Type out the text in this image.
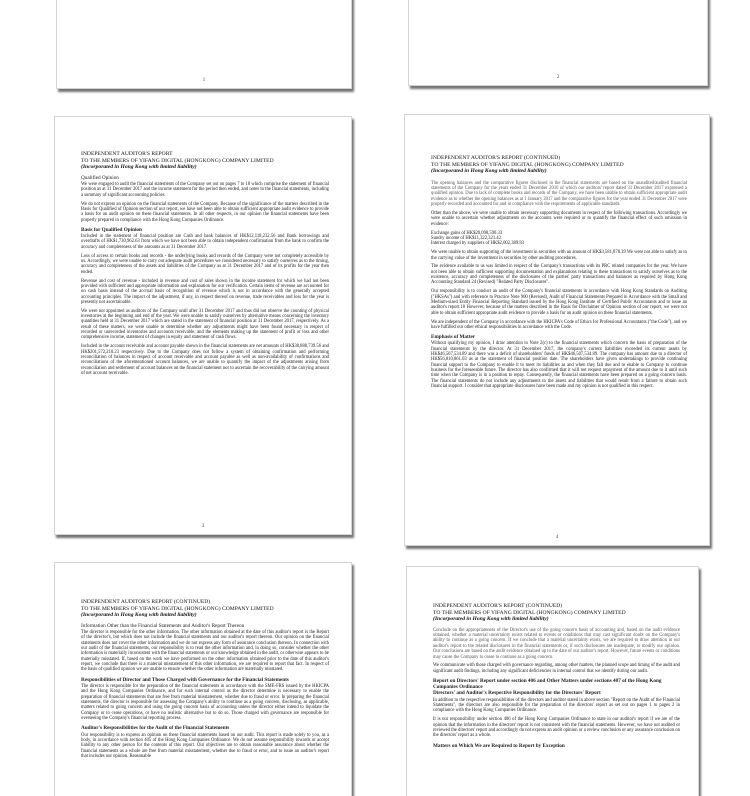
1
2
INDEPENDENT AUDITOR'S REPORT
TO THE MEMBERS OF YIFANG DIGITAL (HONGKONG) COMPANY LIMITED
(Incorporated in Hong Kong with limited liability)
Qualified Opinion
We were engaged to audit the financial statements of the Company set out on pages 7 to 18 which comprise the statement of financial position as at 31 December 2017 and the income statement for the period then ended, and notes to the financial statements, including a summary of significant accounting policies.
We do not express an opinion on the financial statements of the Company. Because of the significance of the matters described in the Basis for Qualified of Opinion section of our report, we have not been able to obtain sufficient appropriate audit evidence to provide a basis for an audit opinion on these financial statements. In all other respects, in our opinion the financial statements have been properly prepared in compliance with the Hong Kong Companies Ordinance.
Basis for Qualified Opinion
Included in the statement of financial position are Cash and bank balances of HK$12,118,232.56 and Bank borrowings and overdrafts of HK$1,730,962.63 from which we have not been able to obtain independent confirmation from the bank to confirm the accuracy and completeness of the amounts as at 31 December 2017.
Loss of access to certain books and records - the underlying books and records of the Company were not completely accessible by us. Accordingly, we were unable to carry out adequate audit procedures we considered necessary to satisfy ourselves as to the timing, accuracy and completeness of the assets and liabilities of the Company as at 31 December 2017 and of its profits for the year then ended.
Revenue and cost of revenue - included in revenue and cost of sales shown in the income statement for which we had not been provided with sufficient and appropriate information and explanation for our verification. Certain items of revenue are accounted for on cash basis instead of the accrual basis of recognition of revenue which is not in accordance with the generally accepted accounting principles. The impact of the adjustment, if any, in respect thereof on revenue, trade receivables and loss for the year is presently not ascertainable.
We were not appointed as auditors of the Company until after 31 December 2017 and thus did not observe the counting of physical inventories at the beginning and end of the year. We were unable to satisfy ourselves by alternative means concerning the inventory quantities held at 31 December 2017 which are stated in the statement of financial position at 31 December 2017, respectively. As a result of these matters, we were unable to determine whether any adjustments might have been found necessary in respect of recorded or unrecorded inventories and accounts receivable, and the elements making up the statement of profit or loss and other comprehensive income, statement of changes in equity and statement of cash flows.
Included in the account receivable and account payable shown in the financial statements are net amounts of HK$38,888,739.56 and HK$201,572,210.23 respectively. Due to the Company does not follow a system of obtaining confirmation and performing reconciliation of balances in respect of account receivable and account payable as well as non-availability of confirmations and reconciliations of the aforementioned account balances, we are unable to quantify the impact of the adjustments arising from reconciliation and settlement of account balances on the financial statement nor to ascertain the recoverability of the carrying amount of net account receivable.
3
INDEPENDENT AUDITOR'S REPORT (CONTINUED)
TO THE MEMBERS OF YIFANG DIGITAL (HONGKONG) COMPANY LIMITED
(Incorporated in Hong Kong with limited liability)
The opening balances and the comparative figures disclosed in the financial statements are based on the unaudited/audited financial statements of the Company for the years ended 31 December 2016 of which our auditors' report dated 31 December 2017 expressed a qualified opinion. Due to lack of complete books and records of the Company, we have been unable to obtain sufficient appropriate audit evidence as to whether the opening balances as at 1 January 2017 and the comparative figures for the year ended 31 December 2017 were properly recorded and accounted for and in compliance with the requirements of applicable standards.
Other than the above, we were unable to obtain necessary supporting documents in respect of the following transactions. Accordingly we were unable to ascertain whether adjustments on the accounts were required or to quantify the financial effect of such omission in evidence:
Exchange gains of HK$20,090,590.33
Sundry income of HK$11,322,321.42
Interest charged by suppliers of HK$2,002,389.83
We were unable to obtain supporting of the investment in securities with an amount of HK$3,581,878.39 We were not able to satisfy as to the carrying value of the investment in securities by other auditing procedures.
The evidence available to us was limited in respect of the Company's transactions with its PRC related companies for the year. We have not been able to obtain sufficient supporting documentation and explanations relating to these transactions to satisfy ourselves as to the existence, accuracy and completeness of the disclosures of the parties' party transactions and balances as required by Hong Kong Accounting Standard 24 (Revised) "Related Party Disclosures".
Our responsibility is to conduct an audit of the Company's financial statements in accordance with Hong Kong Standards on Auditing ("HKSAs") and with reference to Practice Note 900 (Revised), Audit of Financial Statements Prepared in Accordance with the Small and Medium-sized Entity Financial Reporting Standard issued by the Hong Kong Institute of Certified Public Accountants and to issue an auditor's report.18 However, because of the matters described in the Basis for Disclaimer of Opinion section of our report, we were not able to obtain sufficient appropriate audit evidence to provide a basis for an audit opinion on these financial statements.
We are independent of the Company in accordance with the HKICPA's Code of Ethics for Professional Accountants ("the Code"), and we have fulfilled our other ethical responsibilities in accordance with the Code.
Emphasis of Matter
Without qualifying my opinion, I draw attention to Note 2(c) to the financial statements which concern the basis of preparation of the financial statements by the director. At 31 December 2017, the company's current liabilities exceeded its current assets by HK$46,507,534.89 and there was a deficit of shareholders' funds of HK$46,507,534.89. The company has amount due to a director of HK$56,810,861.03 as at the statement of financial position date. The shareholders have given undertakings to provide continuing financial support to the Company to enable it to meet its liabilities as and when they fall due and to enable to Company to continue business for the foreseeable future. The director has also confirmed that it will not request repayment of the amount due to it until such time when the Company is in a position to repay. Consequently, the financial statements have been prepared on a going concern basis. The financial statements do not include any adjustments to the assets and liabilities that would result from a failure to obtain such financial support. I consider that appropriate disclosures have been made and my opinion is not qualified in this respect.
4
INDEPENDENT AUDITOR'S REPORT (CONTINUED)
TO THE MEMBERS OF YIFANG DIGITAL (HONGKONG) COMPANY LIMITED
(Incorporated in Hong Kong with limited liability)
Information Other than the Financial Statements and Auditor's Report Thereon
The director is responsible for the other information. The other information obtained at the date of this auditor's report is the Report of the director's, but which does not include the financial statements and our auditor's report thereon. Our opinion on the financial statements does not cover the other information and we do not express any form of assurance conclusion thereon. In connection with our audit of the financial statements, our responsibility is to read the other information and, in doing so, consider whether the other information is materially inconsistent with the financial statements or our knowledge obtained in the audit, or otherwise appears to be materially misstated. If, based on the work we have performed on the other information obtained prior to the date of this auditor's report, we conclude that there is a material misstatement of this other information, we are required to report that fact. In respect of the basis of qualified opinion we are unable to ensure whether the other information are materially misstated.
Responsibilities of Director and Those Charged with Governance for the Financial Statements
The director is responsible for the preparation of the financial statements in accordance with the SME-FRS issued by the HKICPA and the Hong Kong Companies Ordinance, and for such internal control as the director determine is necessary to enable the preparation of financial statements that are free from material misstatement, whether due to fraud or error. In preparing the financial statements, the director is responsible for assessing the Company's ability to continue as a going concern, disclosing, as applicable, matters related to going concern and using the going concern basis of accounting unless the director either intend to liquidate the Company or to cease operations, or have no realistic alternative but to do so. Those charged with governance are responsible for overseeing the Company's financial reporting process.
Auditor's Responsibilities for the Audit of the Financial Statements
Our responsibility is to express an opinion on these financial statements based on our audit. This report is made solely to you, as a body, in accordance with section 405 of the Hong Kong Companies Ordinance. We do not assume responsibility towards or accept liability to any other person for the contents of this report. Our objectives are to obtain reasonable assurance about whether the financial statements as a whole are free from material misstatement, whether due to fraud or error, and to issue an auditor's report that includes our opinion. Reasonable
INDEPENDENT AUDITOR'S REPORT (CONTINUED)
TO THE MEMBERS OF YIFANG DIGITAL (HONGKONG) COMPANY LIMITED
(Incorporated in Hong Kong with limited liability)
Conclude on the appropriateness of the Director's use of the going concern basis of accounting and, based on the audit evidence obtained, whether a material uncertainty exists related to events or conditions that may cast significant doubt on the Company's ability to continue as a going concern. If we conclude that a material uncertainty exists, we are required to draw attention in our auditor's report to the related disclosures in the financial statements or, if such disclosures are inadequate, to modify our opinion. Our conclusions are based on the audit evidence obtained up to the date of our auditor's report. However, future events or conditions may cause the Company to cease to continue as a going concern.
We communicate with those charged with governance regarding, among other matters, the planned scope and timing of the audit and significant audit findings, including any significant deficiencies in internal control that we identify during our audit.
Report on Directors' Report under section 406 and Other Matters under sections 407 of the Hong Kong Companies Ordinance
Directors' and Auditor's Respective Responsibility for the Directors' Report
In addition to the respective responsibilities of the directors and auditor stated in above section "Report on the Audit of the Financial Statements", the directors are also responsible for the preparation of the directors' report as set out on pages 1 to pages 2 in compliance with the Hong Kong Companies Ordinance.
It is our responsibility under section 406 of the Hong Kong Companies Ordinance to state in our auditor's report if we are of the opinion that the information in the directors' report is not consistent with the financial statements. However, we have not audited or reviewed the directors' report and accordingly do not express an audit opinion or a review conclusion or any assurance conclusion on the directors' report as a whole.
Matters on Which We are Required to Report by Exception
